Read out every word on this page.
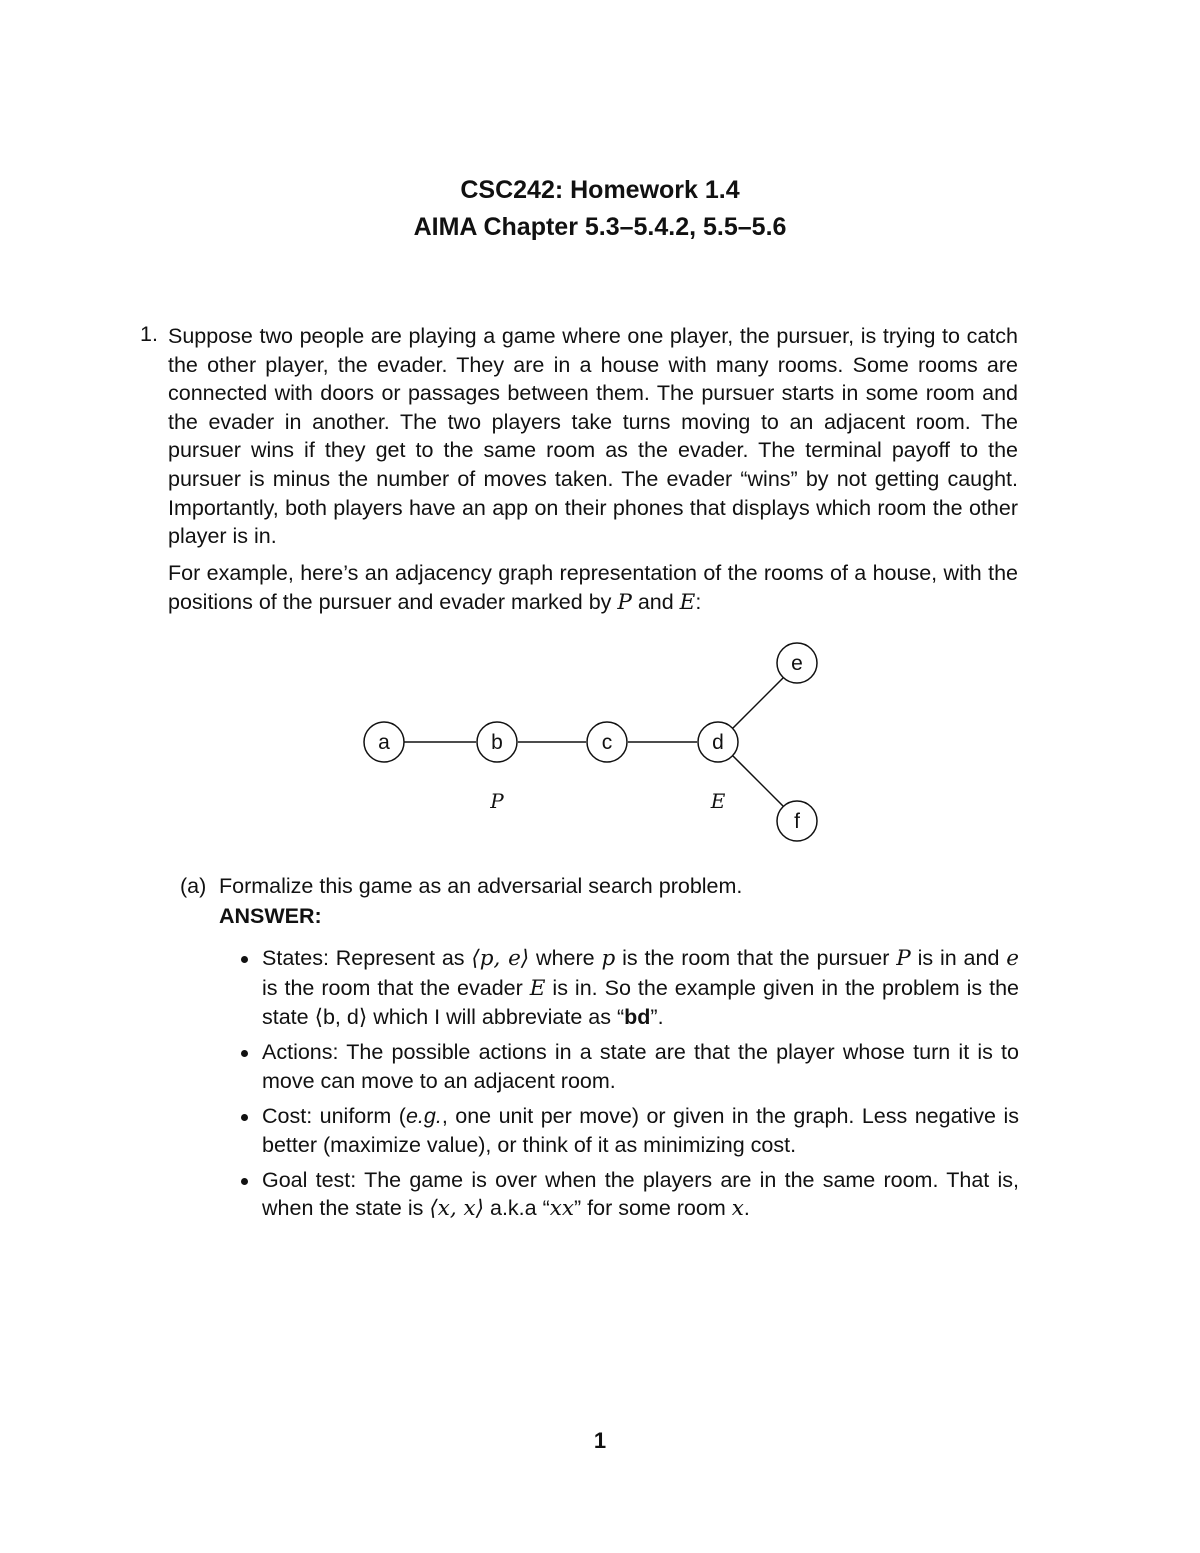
CSC242: Homework 1.4
AIMA Chapter 5.3–5.4.2, 5.5–5.6
1. Suppose two people are playing a game where one player, the pursuer, is trying to catch the other player, the evader. They are in a house with many rooms. Some rooms are connected with doors or passages between them. The pursuer starts in some room and the evader in another. The two players take turns moving to an adjacent room. The pursuer wins if they get to the same room as the evader. The terminal payoff to the pursuer is minus the number of moves taken. The evader “wins” by not getting caught. Importantly, both players have an app on their phones that displays which room the other player is in.
For example, here’s an adjacency graph representation of the rooms of a house, with the positions of the pursuer and evader marked by P and E:
a	b	c	d
e
f
P	E
(a) Formalize this game as an adversarial search problem.
ANSWER:
States: Represent as ⟨p, e⟩ where p is the room that the pursuer P is in and e is the room that the evader E is in. So the example given in the problem is the state ⟨b, d⟩ which I will abbreviate as “bd”.
Actions: The possible actions in a state are that the player whose turn it is to move can move to an adjacent room.
Cost: uniform (e.g., one unit per move) or given in the graph. Less negative is better (maximize value), or think of it as minimizing cost.
Goal test: The game is over when the players are in the same room. That is, when the state is ⟨x, x⟩ a.k.a “xx” for some room x.
1
